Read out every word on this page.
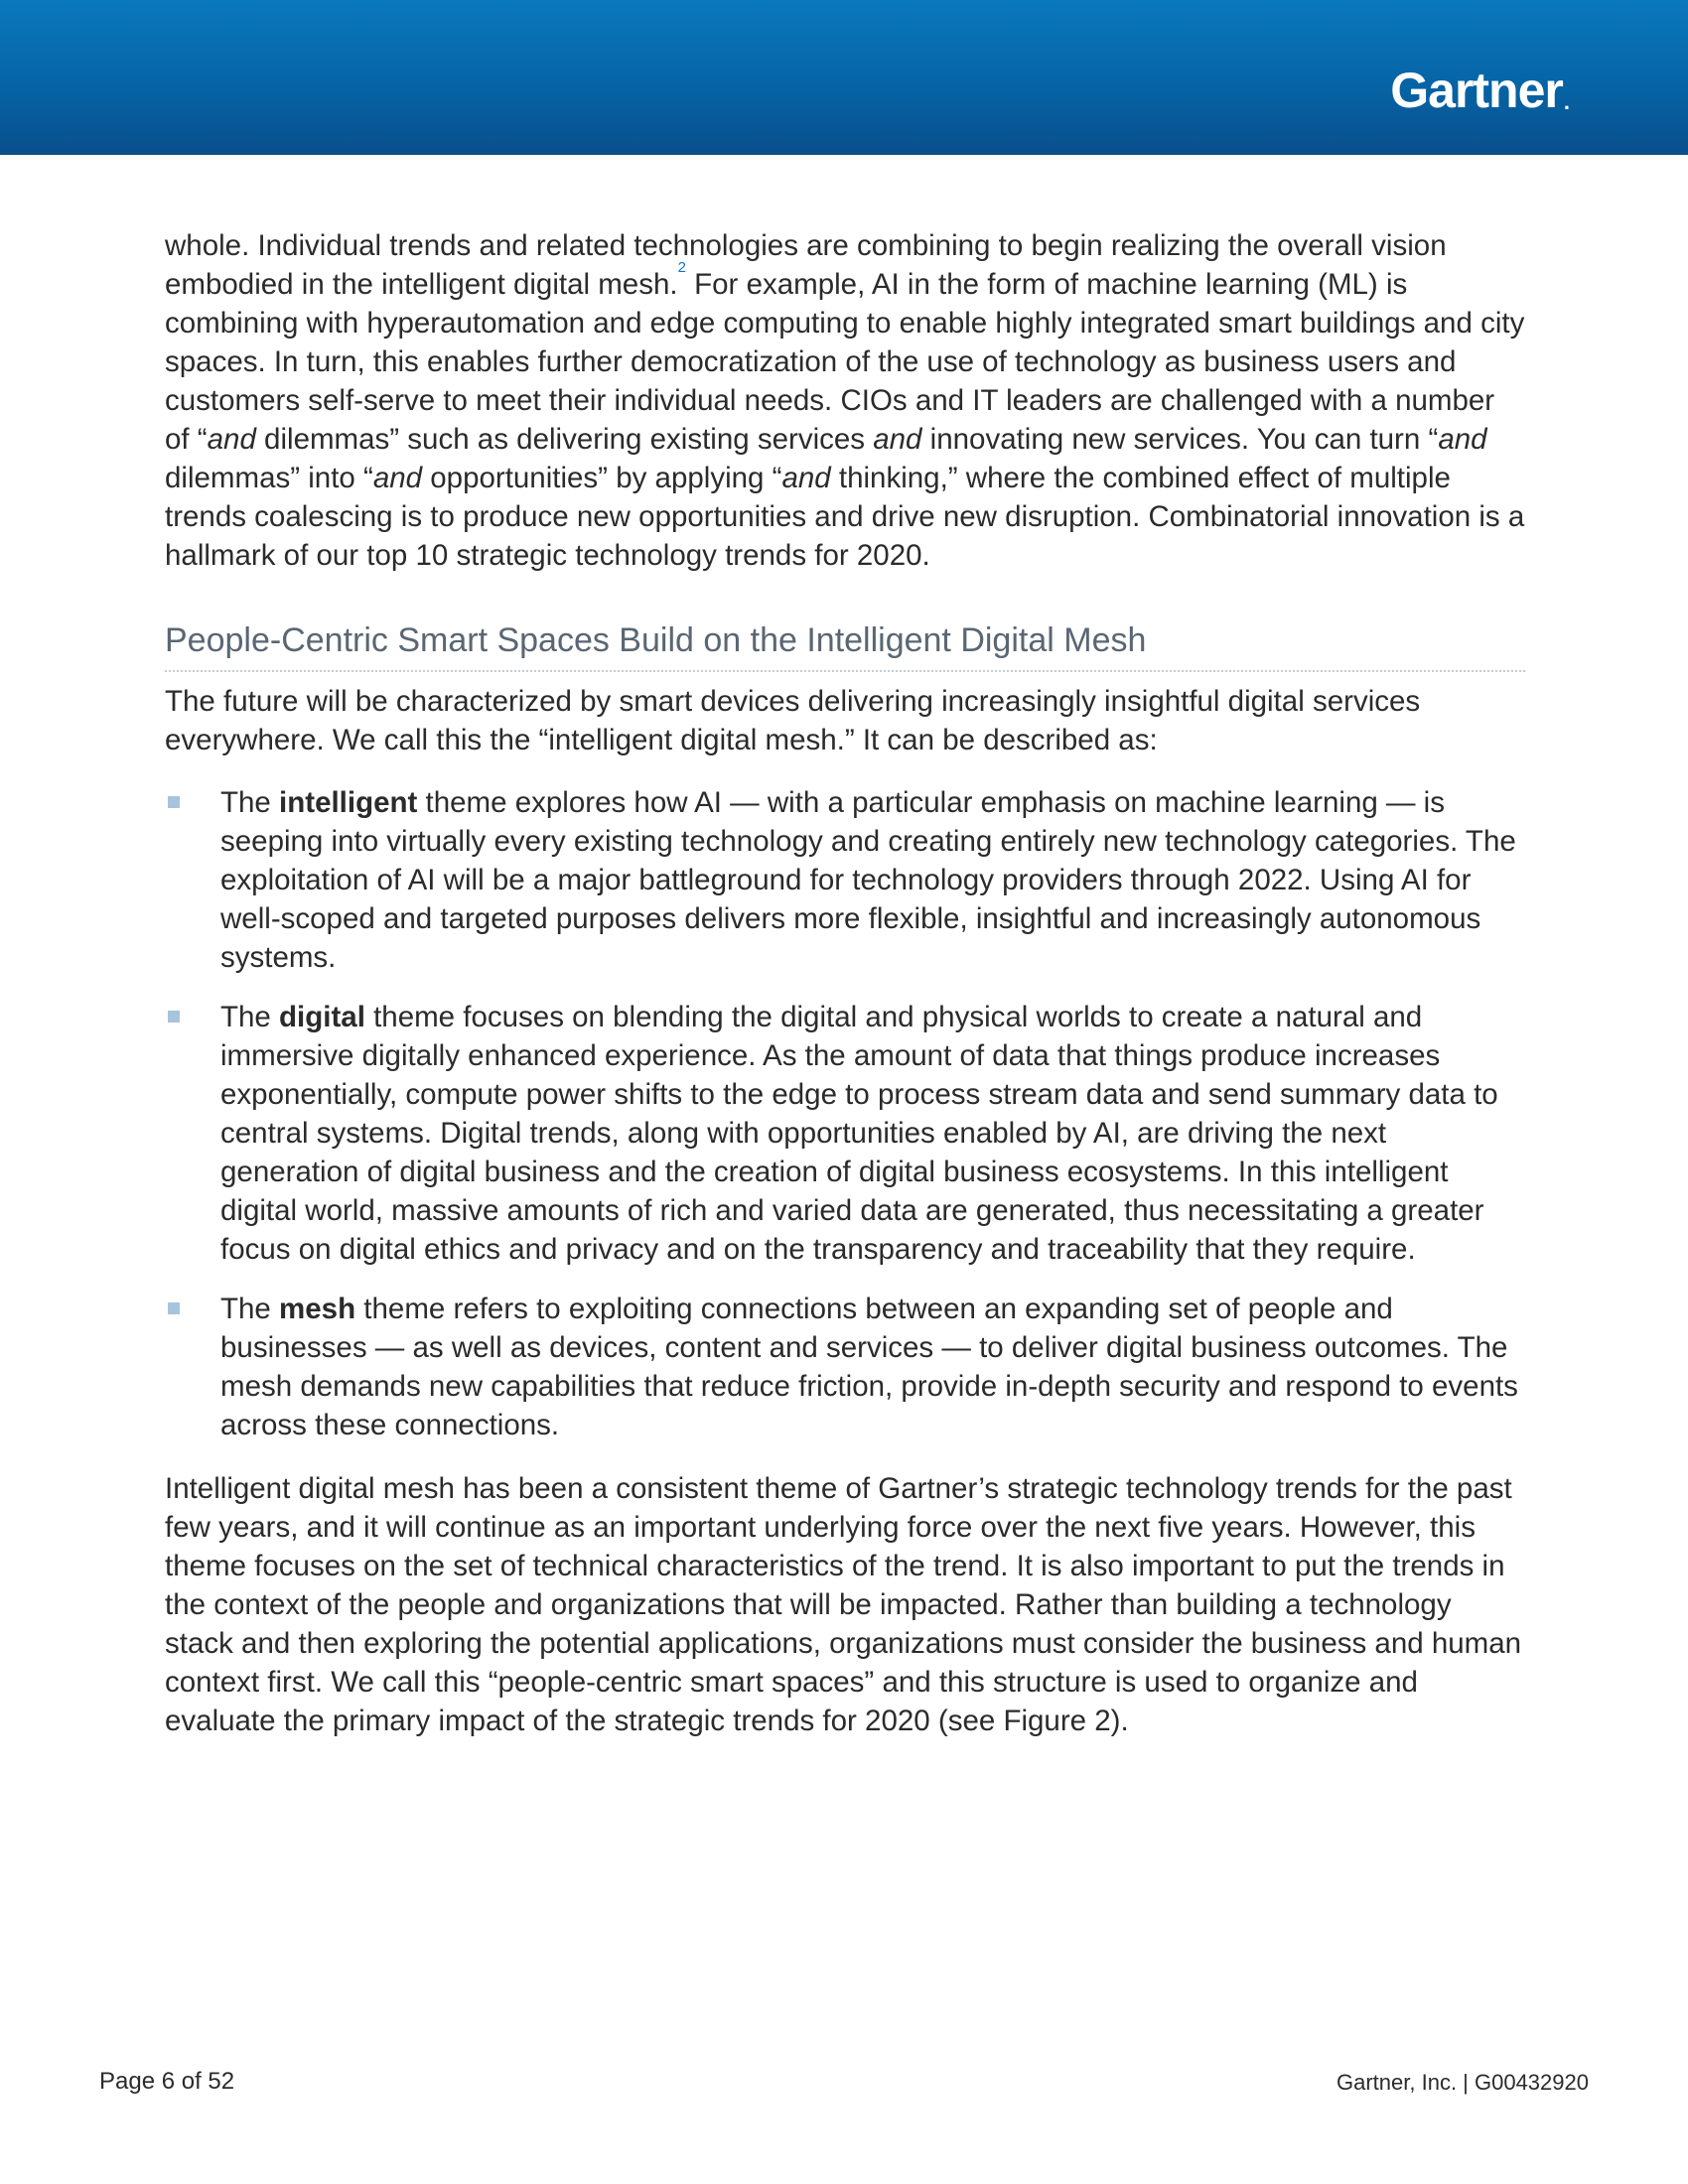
Gartner.

whole. Individual trends and related technologies are combining to begin realizing the overall vision embodied in the intelligent digital mesh.$^2$ For example, AI in the form of machine learning (ML) is combining with hyperautomation and edge computing to enable highly integrated smart buildings and city spaces. In turn, this enables further democratization of the use of technology as business users and customers self-serve to meet their individual needs. CIOs and IT leaders are challenged with a number of “and dilemmas” such as delivering existing services and innovating new services. You can turn “and dilemmas” into “and opportunities” by applying “and thinking,” where the combined effect of multiple trends coalescing is to produce new opportunities and drive new disruption. Combinatorial innovation is a hallmark of our top 10 strategic technology trends for 2020.

People-Centric Smart Spaces Build on the Intelligent Digital Mesh

The future will be characterized by smart devices delivering increasingly insightful digital services everywhere. We call this the “intelligent digital mesh.” It can be described as:

The intelligent theme explores how AI — with a particular emphasis on machine learning — is seeping into virtually every existing technology and creating entirely new technology categories. The exploitation of AI will be a major battleground for technology providers through 2022. Using AI for well-scoped and targeted purposes delivers more flexible, insightful and increasingly autonomous systems.
The digital theme focuses on blending the digital and physical worlds to create a natural and immersive digitally enhanced experience. As the amount of data that things produce increases exponentially, compute power shifts to the edge to process stream data and send summary data to central systems. Digital trends, along with opportunities enabled by AI, are driving the next generation of digital business and the creation of digital business ecosystems. In this intelligent digital world, massive amounts of rich and varied data are generated, thus necessitating a greater focus on digital ethics and privacy and on the transparency and traceability that they require.
The mesh theme refers to exploiting connections between an expanding set of people and businesses — as well as devices, content and services — to deliver digital business outcomes. The mesh demands new capabilities that reduce friction, provide in-depth security and respond to events across these connections.

Intelligent digital mesh has been a consistent theme of Gartner’s strategic technology trends for the past few years, and it will continue as an important underlying force over the next five years. However, this theme focuses on the set of technical characteristics of the trend. It is also important to put the trends in the context of the people and organizations that will be impacted. Rather than building a technology stack and then exploring the potential applications, organizations must consider the business and human context first. We call this “people-centric smart spaces” and this structure is used to organize and evaluate the primary impact of the strategic trends for 2020 (see Figure 2).

Page 6 of 52	Gartner, Inc. | G00432920
